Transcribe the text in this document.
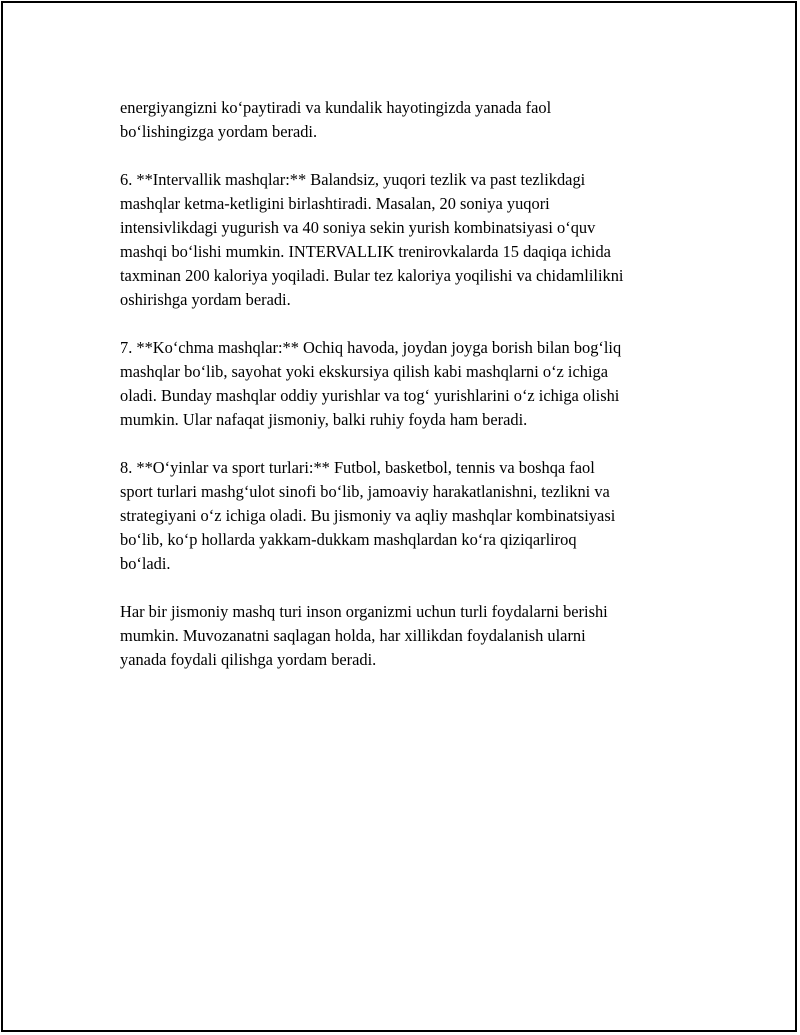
energiyangizni koʻpaytiradi va kundalik hayotingizda yanada faol
boʻlishingizga yordam beradi.

6. **Intervallik mashqlar:** Balandsiz, yuqori tezlik va past tezlikdagi
mashqlar ketma-ketligini birlashtiradi. Masalan, 20 soniya yuqori
intensivlikdagi yugurish va 40 soniya sekin yurish kombinatsiyasi oʻquv
mashqi boʻlishi mumkin. INTERVALLIK trenirovkalarda 15 daqiqa ichida
taxminan 200 kaloriya yoqiladi. Bular tez kaloriya yoqilishi va chidamlilikni
oshirishga yordam beradi.

7. **Koʻchma mashqlar:** Ochiq havoda, joydan joyga borish bilan bogʻliq
mashqlar boʻlib, sayohat yoki ekskursiya qilish kabi mashqlarni oʻz ichiga
oladi. Bunday mashqlar oddiy yurishlar va togʻ yurishlarini oʻz ichiga olishi
mumkin. Ular nafaqat jismoniy, balki ruhiy foyda ham beradi.

8. **Oʻyinlar va sport turlari:** Futbol, basketbol, tennis va boshqa faol
sport turlari mashgʻulot sinofi boʻlib, jamoaviy harakatlanishni, tezlikni va
strategiyani oʻz ichiga oladi. Bu jismoniy va aqliy mashqlar kombinatsiyasi
boʻlib, koʻp hollarda yakkam-dukkam mashqlardan koʻra qiziqarliroq
boʻladi.

Har bir jismoniy mashq turi inson organizmi uchun turli foydalarni berishi
mumkin. Muvozanatni saqlagan holda, har xillikdan foydalanish ularni
yanada foydali qilishga yordam beradi.
